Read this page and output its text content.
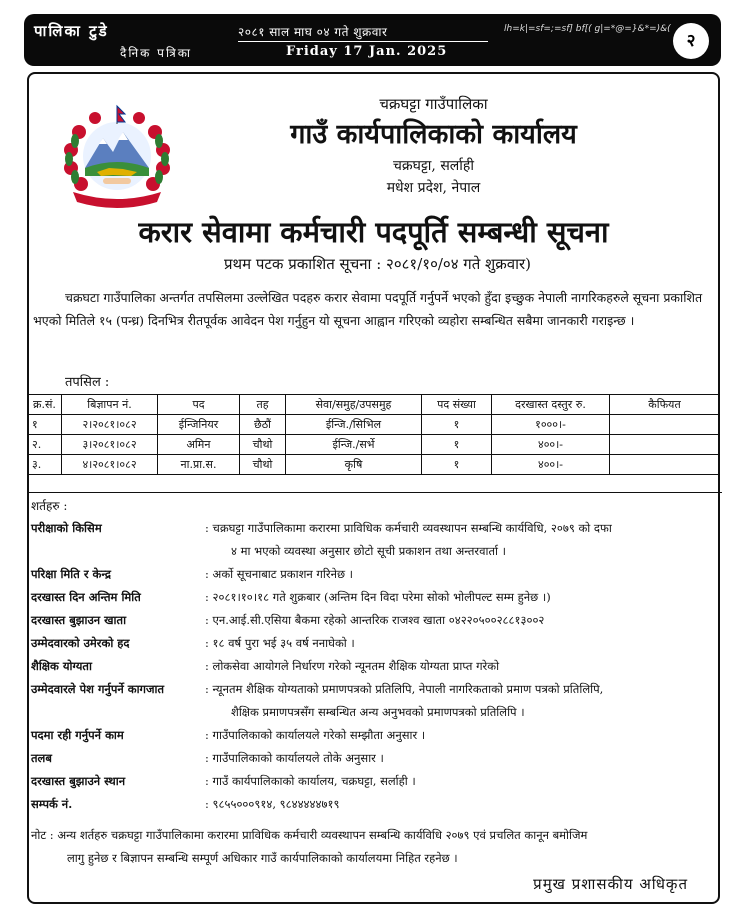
पालिका टुडे
दैनिक पत्रिका
२०८१ साल माघ ०४ गते शुक्रवार
Friday 17 Jan. 2025
lh=k|=sf=;=sf] bf[( g|=*@=}&*=)&(
२
चक्रघट्टा गाउँपालिका
गाउँ कार्यपालिकाको कार्यालय
चक्रघट्टा, सर्लाही
मधेश प्रदेश, नेपाल
करार सेवामा कर्मचारी पदपूर्ति सम्बन्धी सूचना
प्रथम पटक प्रकाशित सूचना : २०८१/१०/०४ गते शुक्रवार)
चक्रघटा गाउँपालिका अन्तर्गत तपसिलमा उल्लेखित पदहरु करार सेवामा पदपूर्ति गर्नुपर्ने भएको हुँदा इच्छुक नेपाली नागरिकहरुले सूचना प्रकाशित भएको मितिले १५ (पन्ध्र) दिनभित्र रीतपूर्वक आवेदन पेश गर्नुहुन यो सूचना आह्वान गरिएको व्यहोरा सम्बन्धित सबैमा जानकारी गराइन्छ ।
तपसिल :
क्र.सं.	बिज्ञापन नं.	पद	तह	सेवा/समुह/उपसमुह	पद संख्या	दरखास्त दस्तुर रु.	कैफियत
१	२।२०८१।०८२	ईन्जिनियर	छैठौं	ईन्जि./सिभिल	१	१०००।-	
२.	३।२०८१।०८२	अमिन	चौथो	ईन्जि./सर्भे	१	४००।-	
३.	४।२०८१।०८२	ना.प्रा.स.	चौथो	कृषि	१	४००।-	
शर्तहरु :
परीक्षाको किसिम	: चक्रघट्टा गाउँपालिकामा करारमा प्राविधिक कर्मचारी व्यवस्थापन सम्बन्धि कार्यविधि, २०७९ को दफा
४ मा भएको व्यवस्था अनुसार छोटो सूची प्रकाशन तथा अन्तरवार्ता ।
परिक्षा मिति र केन्द्र	: अर्को सूचनाबाट प्रकाशन गरिनेछ ।
दरखास्त दिन अन्तिम मिति	: २०८१।१०।१८ गते शुक्रबार (अन्तिम दिन विदा परेमा सोको भोलीपल्ट सम्म हुनेछ ।)
दरखास्त बुझाउन खाता	: एन.आई.सी.एसिया बैकमा रहेको आन्तरिक राजश्व खाता ०४२२०५००२८८१३००२
उम्मेदवारको उमेरको हद	: १८ वर्ष पुरा भई ३५ वर्ष ननाघेको ।
शैक्षिक योग्यता	: लोकसेवा आयोगले निर्धारण गरेको न्यूनतम शैक्षिक योग्यता प्राप्त गरेको
उम्मेदवारले पेश गर्नुपर्ने कागजात	: न्यूनतम शैक्षिक योग्यताको प्रमाणपत्रको प्रतिलिपि, नेपाली नागरिकताको प्रमाण पत्रको प्रतिलिपि,
शैक्षिक प्रमाणपत्रसँग सम्बन्धित अन्य अनुभवको प्रमाणपत्रको प्रतिलिपि ।
पदमा रही गर्नुपर्ने काम	: गाउँपालिकाको कार्यालयले गरेको सम्झौता अनुसार ।
तलब	: गाउँपालिकाको कार्यालयले तोके अनुसार ।
दरखास्त बुझाउने स्थान	: गाउँ कार्यपालिकाको कार्यालय, चक्रघट्टा, सर्लाही ।
सम्पर्क नं.	: ९८५५०००९१४, ९८४४४४४७१९
नोट : अन्य शर्तहरु चक्रघट्टा गाउँपालिकामा करारमा प्राविधिक कर्मचारी व्यवस्थापन सम्बन्धि कार्यविधि २०७९ एवं प्रचलित कानून बमोजिम
लागु हुनेछ र बिज्ञापन सम्बन्धि सम्पूर्ण अधिकार गाउँ कार्यपालिकाको कार्यालयमा निहित रहनेछ ।
प्रमुख प्रशासकीय अधिकृत
